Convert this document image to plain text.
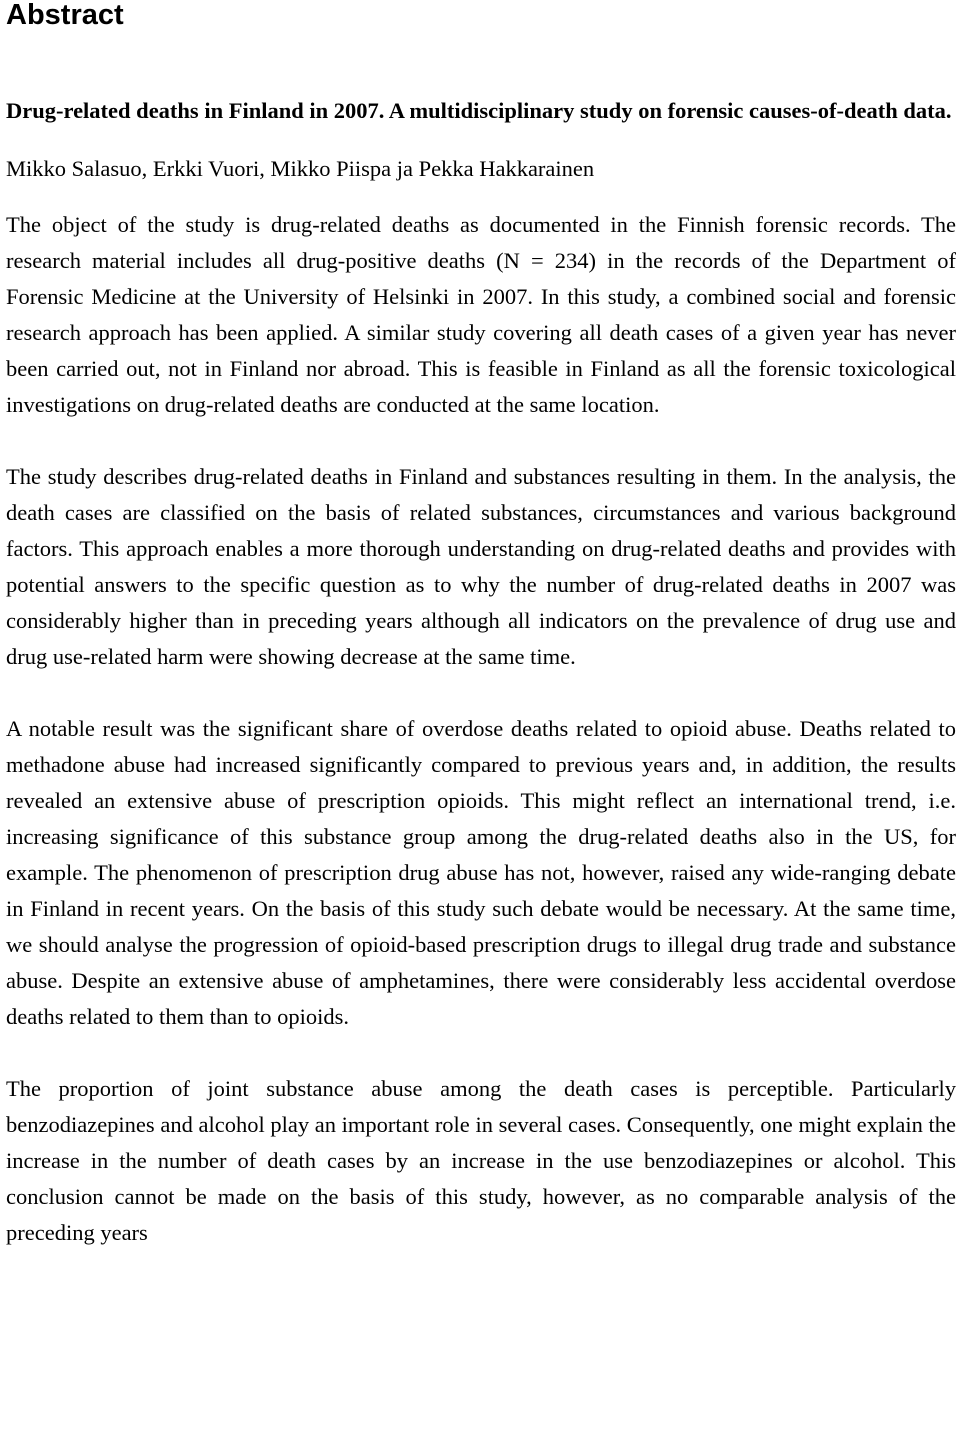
Abstract

Drug-related deaths in Finland in 2007. A multidisciplinary study on forensic causes-of-death data.

Mikko Salasuo, Erkki Vuori, Mikko Piispa ja Pekka Hakkarainen

The object of the study is drug-related deaths as documented in the Finnish forensic records. The research material includes all drug-positive deaths (N = 234) in the records of the Department of Forensic Medicine at the University of Helsinki in 2007. In this study, a combined social and forensic research approach has been applied. A similar study covering all death cases of a given year has never been carried out, not in Finland nor abroad. This is feasible in Finland as all the forensic toxicological investigations on drug-related deaths are conducted at the same location.

The study describes drug-related deaths in Finland and substances resulting in them. In the analysis, the death cases are classified on the basis of related substances, circumstances and various background factors. This approach enables a more thorough understanding on drug-related deaths and provides with potential answers to the specific question as to why the number of drug-related deaths in 2007 was considerably higher than in preceding years although all indicators on the prevalence of drug use and drug use-related harm were showing decrease at the same time.

A notable result was the significant share of overdose deaths related to opioid abuse. Deaths related to methadone abuse had increased significantly compared to previous years and, in addition, the results revealed an extensive abuse of prescription opioids. This might reflect an international trend, i.e. increasing significance of this substance group among the drug-related deaths also in the US, for example. The phenomenon of prescription drug abuse has not, however, raised any wide-ranging debate in Finland in recent years. On the basis of this study such debate would be necessary. At the same time, we should analyse the progression of opioid-based prescription drugs to illegal drug trade and substance abuse. Despite an extensive abuse of amphetamines, there were considerably less accidental overdose deaths related to them than to opioids.

The proportion of joint substance abuse among the death cases is perceptible. Particularly benzodiazepines and alcohol play an important role in several cases. Consequently, one might explain the increase in the number of death cases by an increase in the use benzodiazepines or alcohol. This conclusion cannot be made on the basis of this study, however, as no comparable analysis of the preceding years
